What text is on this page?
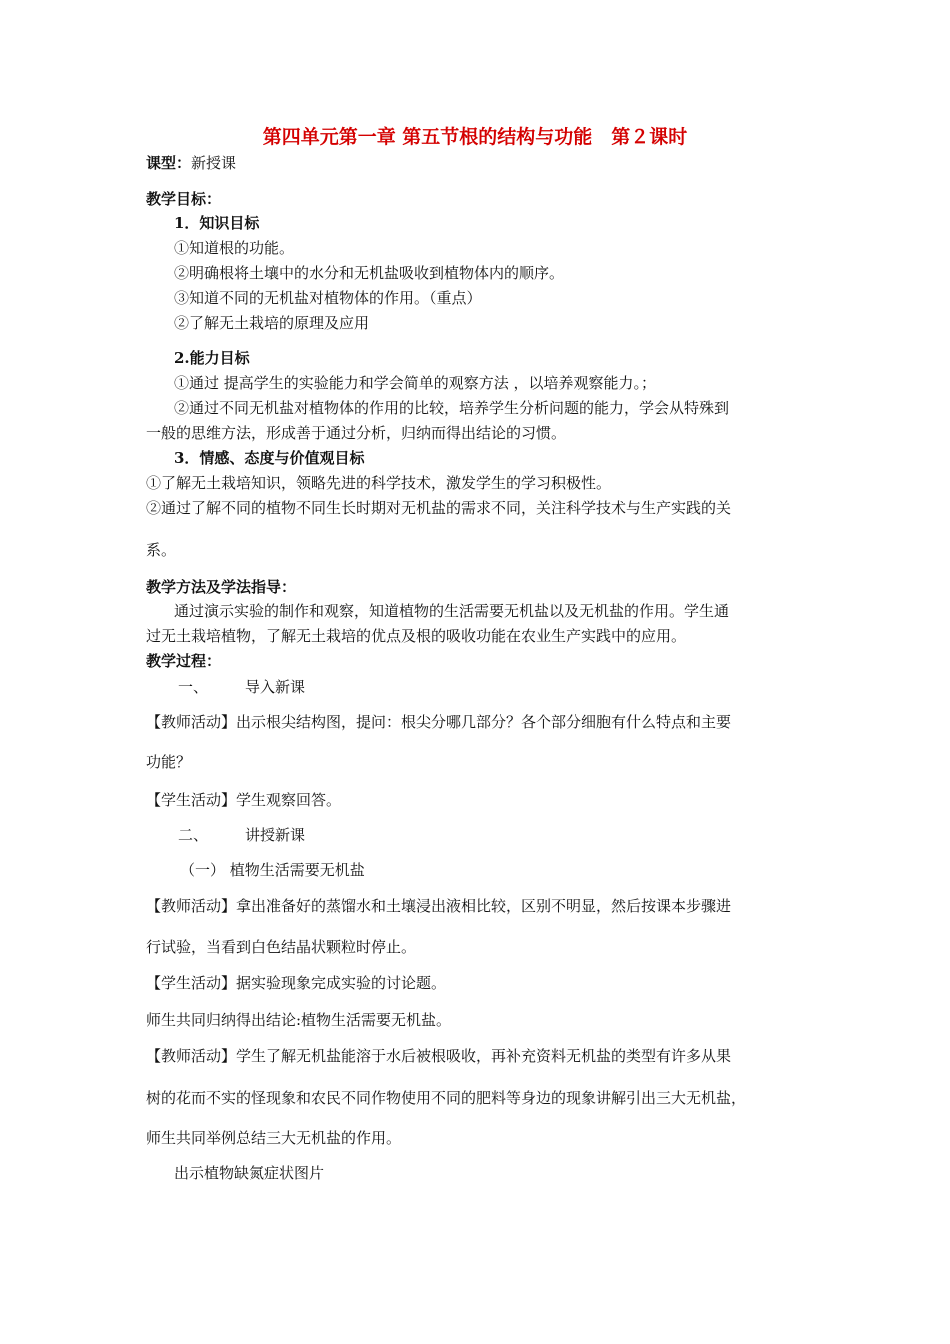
第四单元第一章 第五节根的结构与功能　第２课时
课型：新授课
教学目标：
1．知识目标
①知道根的功能。
②明确根将土壤中的水分和无机盐吸收到植物体内的顺序。
③知道不同的无机盐对植物体的作用。（重点）
②了解无土栽培的原理及应用
2.能力目标
①通过 提高学生的实验能力和学会简单的观察方法 ，以培养观察能力。；
②通过不同无机盐对植物体的作用的比较，培养学生分析问题的能力，学会从特殊到
一般的思维方法，形成善于通过分析，归纳而得出结论的习惯。
3．情感、态度与价值观目标
①了解无土栽培知识，领略先进的科学技术，激发学生的学习积极性。
②通过了解不同的植物不同生长时期对无机盐的需求不同，关注科学技术与生产实践的关
系。
教学方法及学法指导：
通过演示实验的制作和观察，知道植物的生活需要无机盐以及无机盐的作用。学生通
过无土栽培植物，了解无土栽培的优点及根的吸收功能在农业生产实践中的应用。
教学过程：
一、 导入新课
【教师活动】出示根尖结构图，提问：根尖分哪几部分？各个部分细胞有什么特点和主要
功能？
【学生活动】学生观察回答。
二、 讲授新课
（一） 植物生活需要无机盐
【教师活动】拿出准备好的蒸馏水和土壤浸出液相比较，区别不明显，然后按课本步骤进
行试验，当看到白色结晶状颗粒时停止。
【学生活动】据实验现象完成实验的讨论题。
师生共同归纳得出结论:植物生活需要无机盐。
【教师活动】学生了解无机盐能溶于水后被根吸收，再补充资料无机盐的类型有许多从果
树的花而不实的怪现象和农民不同作物使用不同的肥料等身边的现象讲解引出三大无机盐，
师生共同举例总结三大无机盐的作用。
出示植物缺氮症状图片
